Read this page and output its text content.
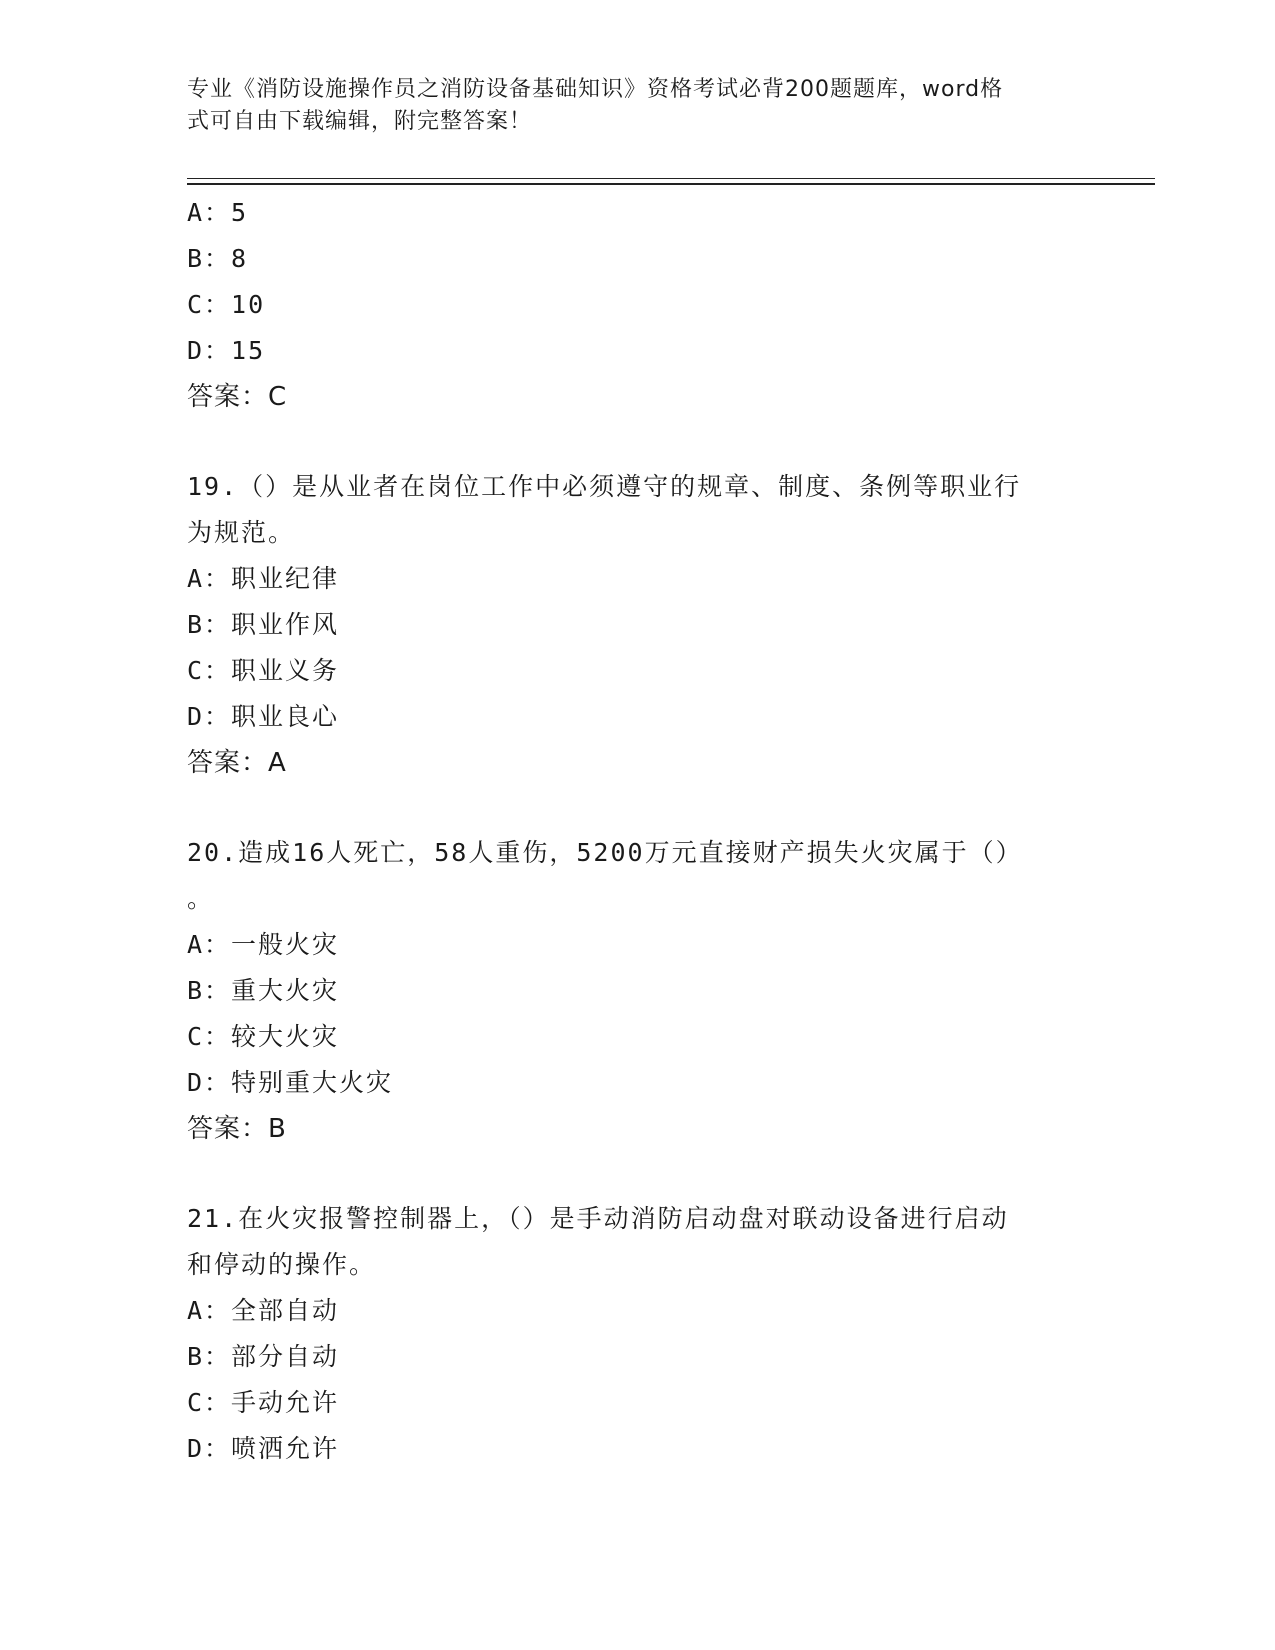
专业《消防设施操作员之消防设备基础知识》资格考试必背200题题库，word格
式可自由下载编辑，附完整答案！
A：5
B：8
C：10
D：15
答案：C
19.（）是从业者在岗位工作中必须遵守的规章、制度、条例等职业行
为规范。
A：职业纪律
B：职业作风
C：职业义务
D：职业良心
答案：A
20.造成16人死亡，58人重伤，5200万元直接财产损失火灾属于（）
。
A：一般火灾
B：重大火灾
C：较大火灾
D：特别重大火灾
答案：B
21.在火灾报警控制器上，（）是手动消防启动盘对联动设备进行启动
和停动的操作。
A：全部自动
B：部分自动
C：手动允许
D：喷洒允许
